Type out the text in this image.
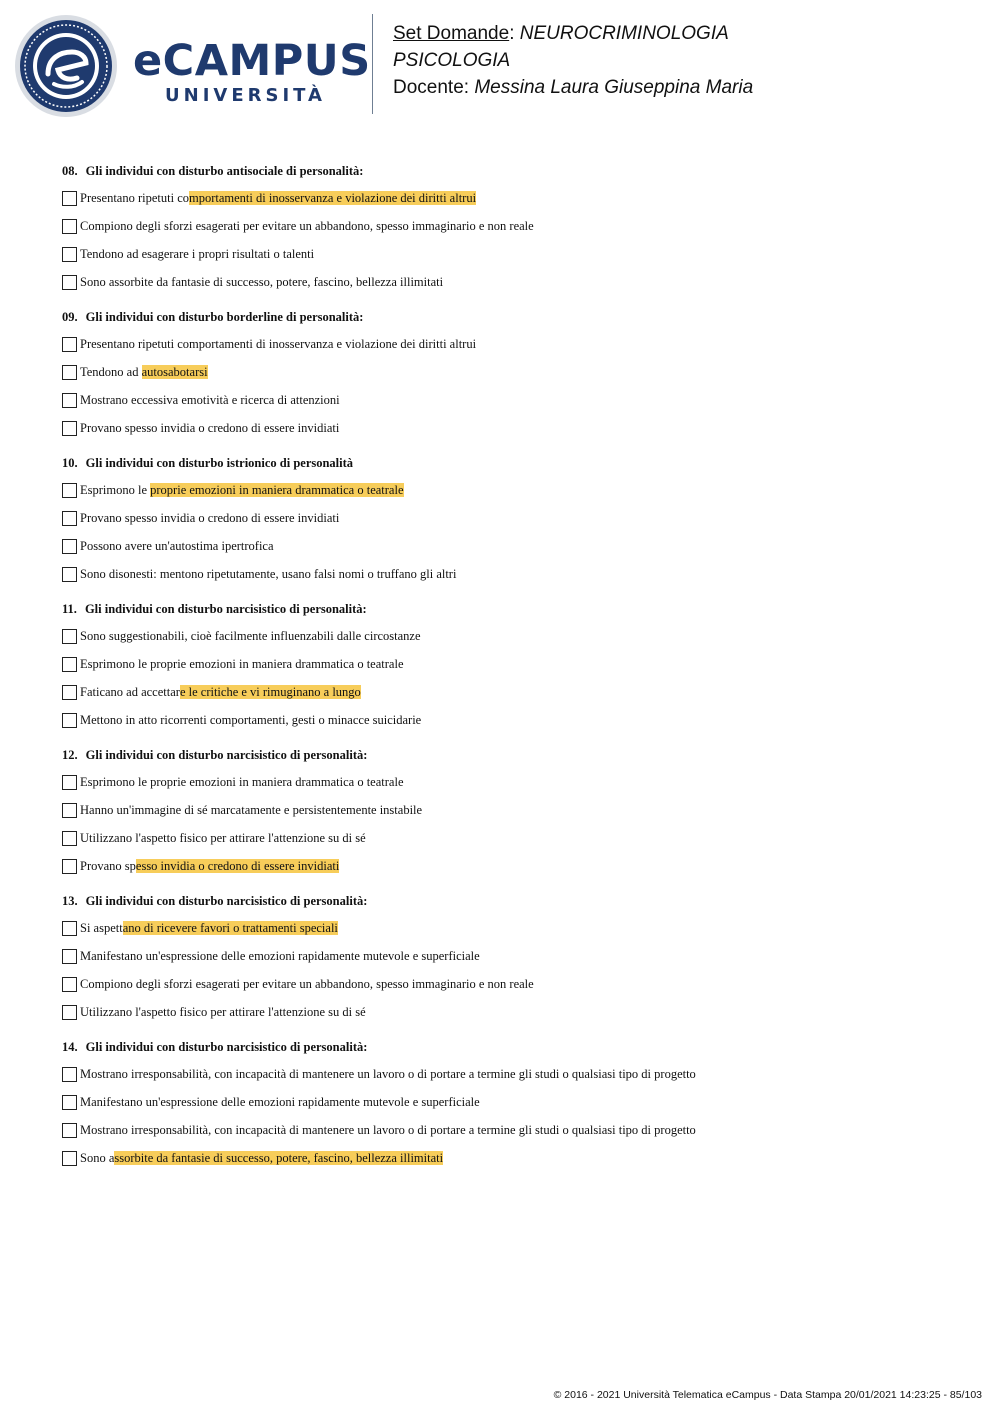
eCAMPUS
UNIVERSITÀ
Set Domande: NEUROCRIMINOLOGIA
PSICOLOGIA
Docente: Messina Laura Giuseppina Maria
08. Gli individui con disturbo antisociale di personalità:
Presentano ripetuti comportamenti di inosservanza e violazione dei diritti altrui
Compiono degli sforzi esagerati per evitare un abbandono, spesso immaginario e non reale
Tendono ad esagerare i propri risultati o talenti
Sono assorbite da fantasie di successo, potere, fascino, bellezza illimitati
09. Gli individui con disturbo borderline di personalità:
Presentano ripetuti comportamenti di inosservanza e violazione dei diritti altrui
Tendono ad autosabotarsi
Mostrano eccessiva emotività e ricerca di attenzioni
Provano spesso invidia o credono di essere invidiati
10. Gli individui con disturbo istrionico di personalità
Esprimono le proprie emozioni in maniera drammatica o teatrale
Provano spesso invidia o credono di essere invidiati
Possono avere un'autostima ipertrofica
Sono disonesti: mentono ripetutamente, usano falsi nomi o truffano gli altri
11. Gli individui con disturbo narcisistico di personalità:
Sono suggestionabili, cioè facilmente influenzabili dalle circostanze
Esprimono le proprie emozioni in maniera drammatica o teatrale
Faticano ad accettare le critiche e vi rimuginano a lungo
Mettono in atto ricorrenti comportamenti, gesti o minacce suicidarie
12. Gli individui con disturbo narcisistico di personalità:
Esprimono le proprie emozioni in maniera drammatica o teatrale
Hanno un'immagine di sé marcatamente e persistentemente instabile
Utilizzano l'aspetto fisico per attirare l'attenzione su di sé
Provano spesso invidia o credono di essere invidiati
13. Gli individui con disturbo narcisistico di personalità:
Si aspettano di ricevere favori o trattamenti speciali
Manifestano un'espressione delle emozioni rapidamente mutevole e superficiale
Compiono degli sforzi esagerati per evitare un abbandono, spesso immaginario e non reale
Utilizzano l'aspetto fisico per attirare l'attenzione su di sé
14. Gli individui con disturbo narcisistico di personalità:
Mostrano irresponsabilità, con incapacità di mantenere un lavoro o di portare a termine gli studi o qualsiasi tipo di progetto
Manifestano un'espressione delle emozioni rapidamente mutevole e superficiale
Mostrano irresponsabilità, con incapacità di mantenere un lavoro o di portare a termine gli studi o qualsiasi tipo di progetto
Sono assorbite da fantasie di successo, potere, fascino, bellezza illimitati
© 2016 - 2021 Università Telematica eCampus - Data Stampa 20/01/2021 14:23:25 - 85/103
